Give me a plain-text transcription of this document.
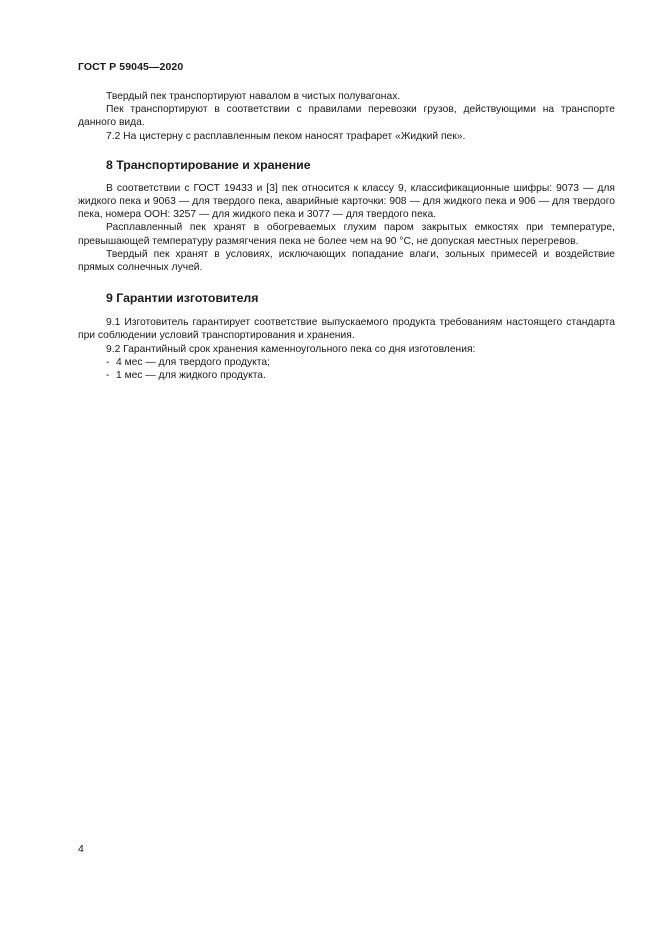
ГОСТ Р 59045—2020

Твердый пек транспортируют навалом в чистых полувагонах.

Пек транспортируют в соответствии с правилами перевозки грузов, действующими на транспорте данного вида.

7.2 На цистерну с расплавленным пеком наносят трафарет «Жидкий пек».

8 Транспортирование и хранение

В соответствии с ГОСТ 19433 и [3] пек относится к классу 9, классификационные шифры: 9073 — для жидкого пека и 9063 — для твердого пека, аварийные карточки: 908 — для жидкого пека и 906 — для твердого пека, номера ООН: 3257 — для жидкого пека и 3077 — для твердого пека.

Расплавленный пек хранят в обогреваемых глухим паром закрытых емкостях при температуре, превышающей температуру размягчения пека не более чем на 90 °С, не допуская местных перегревов.

Твердый пек хранят в условиях, исключающих попадание влаги, зольных примесей и воздействие прямых солнечных лучей.

9 Гарантии изготовителя

9.1 Изготовитель гарантирует соответствие выпускаемого продукта требованиям настоящего стандарта при соблюдении условий транспортирования и хранения.

9.2 Гарантийный срок хранения каменноугольного пека со дня изготовления:

- 4 мес — для твердого продукта;

- 1 мес — для жидкого продукта.

4
